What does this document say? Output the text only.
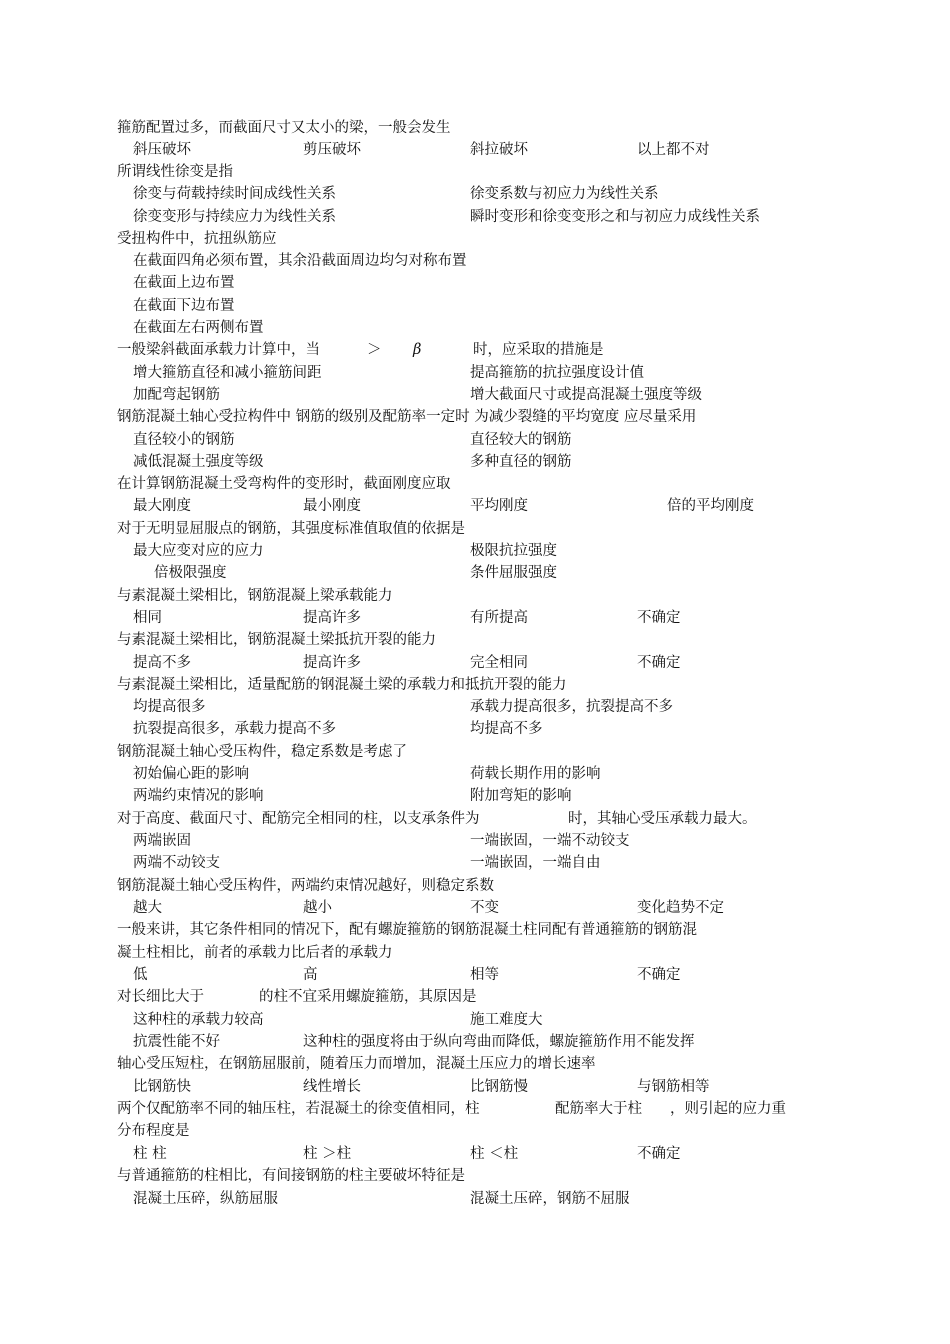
箍筋配置过多，而截面尺寸又太小的梁，一般会发生
斜压破坏	剪压破坏	斜拉破坏	以上都不对
所谓线性徐变是指
徐变与荷载持续时间成线性关系	徐变系数与初应力为线性关系
徐变变形与持续应力为线性关系	瞬时变形和徐变变形之和与初应力成线性关系
受扭构件中，抗扭纵筋应
在截面四角必须布置，其余沿截面周边均匀对称布置
在截面上边布置
在截面下边布置
在截面左右两侧布置
一般梁斜截面承载力计算中，当	＞ β	时，应采取的措施是
增大箍筋直径和减小箍筋间距	提高箍筋的抗拉强度设计值
加配弯起钢筋	增大截面尺寸或提高混凝土强度等级
钢筋混凝土轴心受拉构件中 钢筋的级别及配筋率一定时 为减少裂缝的平均宽度 应尽量采用
直径较小的钢筋	直径较大的钢筋
减低混凝土强度等级	多种直径的钢筋
在计算钢筋混凝土受弯构件的变形时，截面刚度应取
最大刚度	最小刚度	平均刚度	倍的平均刚度
对于无明显屈服点的钢筋，其强度标准值取值的依据是
最大应变对应的应力	极限抗拉强度
倍极限强度	条件屈服强度
与素混凝土梁相比，钢筋混凝上梁承载能力
相同	提高许多	有所提高	不确定
与素混凝土梁相比，钢筋混凝土梁抵抗开裂的能力
提高不多	提高许多	完全相同	不确定
与素混凝土梁相比，适量配筋的钢混凝土梁的承载力和抵抗开裂的能力
均提高很多	承载力提高很多，抗裂提高不多
抗裂提高很多，承载力提高不多	均提高不多
钢筋混凝土轴心受压构件，稳定系数是考虑了
初始偏心距的影响	荷载长期作用的影响
两端约束情况的影响	附加弯矩的影响
对于高度、截面尺寸、配筋完全相同的柱，以支承条件为	时，其轴心受压承载力最大。
两端嵌固	一端嵌固，一端不动铰支
两端不动铰支	一端嵌固，一端自由
钢筋混凝土轴心受压构件，两端约束情况越好，则稳定系数
越大	越小	不变	变化趋势不定
一般来讲，其它条件相同的情况下，配有螺旋箍筋的钢筋混凝土柱同配有普通箍筋的钢筋混
凝土柱相比，前者的承载力比后者的承载力
低	高	相等	不确定
对长细比大于	的柱不宜采用螺旋箍筋，其原因是
这种柱的承载力较高	施工难度大
抗震性能不好	这种柱的强度将由于纵向弯曲而降低，螺旋箍筋作用不能发挥
轴心受压短柱，在钢筋屈服前，随着压力而增加，混凝土压应力的增长速率
比钢筋快	线性增长	比钢筋慢	与钢筋相等
两个仅配筋率不同的轴压柱，若混凝土的徐变值相同，柱	配筋率大于柱 ，则引起的应力重
分布程度是
柱 柱	柱 ＞柱	柱 ＜柱	不确定
与普通箍筋的柱相比，有间接钢筋的柱主要破坏特征是
混凝土压碎，纵筋屈服	混凝土压碎，钢筋不屈服
